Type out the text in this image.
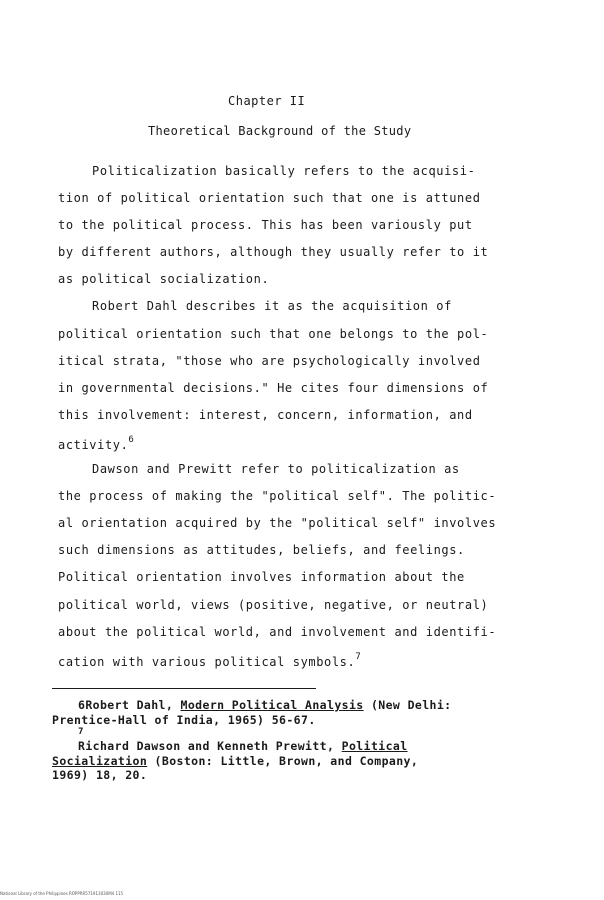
Chapter II
Theoretical Background of the Study
Politicalization basically refers to the acquisi-
tion of political orientation such that one is attuned
to the political process. This has been variously put
by different authors, although they usually refer to it
as political socialization.
Robert Dahl describes it as the acquisition of
political orientation such that one belongs to the pol-
itical strata, "those who are psychologically involved
in governmental decisions." He cites four dimensions of
this involvement: interest, concern, information, and
activity.$^6$
Dawson and Prewitt refer to politicalization as
the process of making the "political self". The politic-
al orientation acquired by the "political self" involves
such dimensions as attitudes, beliefs, and feelings.
Political orientation involves information about the
political world, views (positive, negative, or neutral)
about the political world, and involvement and identifi-
cation with various political symbols.$^7$
6Robert Dahl, Modern Political Analysis (New Delhi:
Prentice-Hall of India, 1965) 56-67.
7
Richard Dawson and Kenneth Prewitt, Political
Socialization (Boston: Little, Brown, and Company,
1969) 18, 20.
National Library of the Philippines ROPPRR571913030M4 115
